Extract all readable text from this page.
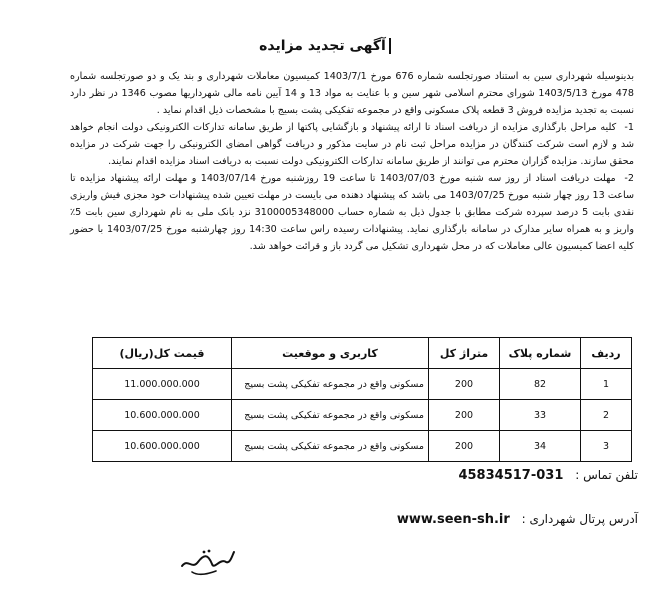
آگهی تجدید مزایده

بدینوسیله شهرداری سین به استناد صورتجلسه شماره 676 مورخ 1403/7/1 کمیسیون معاملات شهرداری و بند یک و دو صورتجلسه شماره 478 مورخ 1403/5/13 شورای محترم اسلامی شهر سین و با عنایت به مواد 13 و 14 آیین نامه مالی شهرداریها مصوب 1346 در نظر دارد نسبت به تجدید مزایده فروش 3 قطعه پلاک مسکونی واقع در مجموعه تفکیکی پشت بسیج با مشخصات ذیل اقدام نماید .

1- کلیه مراحل بارگذاری مزایده از دریافت اسناد تا ارائه پیشنهاد و بازگشایی پاکتها از طریق سامانه تدارکات الکترونیکی دولت انجام خواهد شد و لازم است شرکت کنندگان در مزایده مراحل ثبت نام در سایت مذکور و دریافت گواهی امضای الکترونیکی را جهت شرکت در مزایده محقق سازند. مزایده گزاران محترم می توانند از طریق سامانه تدارکات الکترونیکی دولت نسبت به دریافت اسناد مزایده اقدام نمایند.

2- مهلت دریافت اسناد از روز سه شنبه مورخ 1403/07/03 تا ساعت 19 روزشنبه مورخ 1403/07/14 و مهلت ارائه پیشنهاد مزایده تا ساعت 13 روز چهار شنبه مورخ 1403/07/25 می باشد که پیشنهاد دهنده می بایست در مهلت تعیین شده پیشنهادات خود مجزی فیش واریزی نقدی بابت 5 درصد سپرده شرکت مطابق با جدول ذیل به شماره حساب 3100005348000 نزد بانک ملی به نام شهرداری سین بابت 5٪ واریز و به همراه سایر مدارک در سامانه بارگذاری نماید. پیشنهادات رسیده راس ساعت 14:30 روز چهارشنبه مورخ 1403/07/25 با حضور کلیه اعضا کمیسیون عالی معاملات که در محل شهرداری تشکیل می گردد باز و قرائت خواهد شد.

ردیف	شماره پلاک	متراژ کل	کاربری و موقعیت	قیمت کل(ریال)
1	82	200	مسکونی واقع در مجموعه تفکیکی پشت بسیج	11.000.000.000
2	33	200	مسکونی واقع در مجموعه تفکیکی پشت بسیج	10.600.000.000
3	34	200	مسکونی واقع در مجموعه تفکیکی پشت بسیج	10.600.000.000
تلفن تماس : 031-45834517
آدرس پرتال شهرداری : www.seen-sh.ir
